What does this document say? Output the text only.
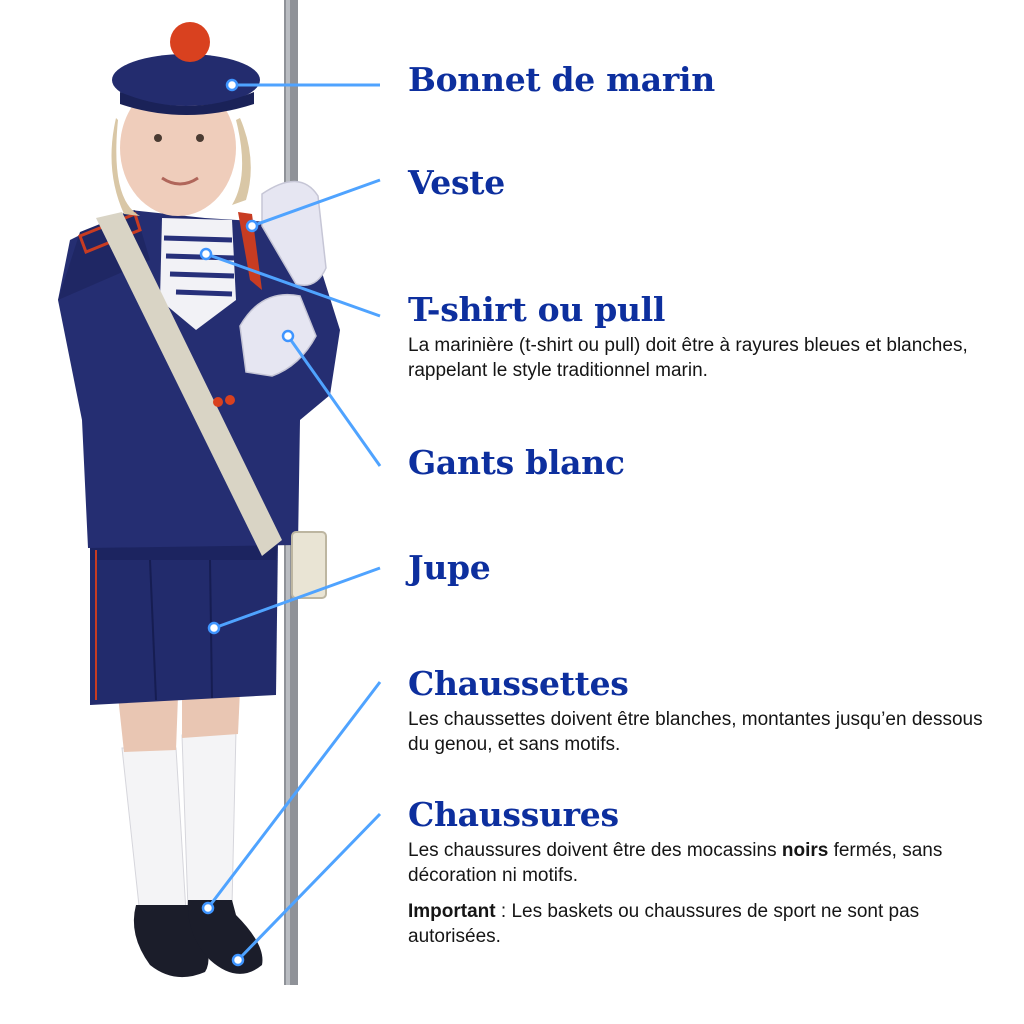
Bonnet de marin
Veste
T-shirt ou pull

La marinière (t-shirt ou pull) doit être à rayures bleues et blanches, rappelant le style traditionnel marin.

Gants blanc
Jupe
Chaussettes

Les chaussettes doivent être blanches, montantes jusqu’en dessous du genou, et sans motifs.

Chaussures

Les chaussures doivent être des mocassins noirs fermés, sans décoration ni motifs.

Important : Les baskets ou chaussures de sport ne sont pas autorisées.
